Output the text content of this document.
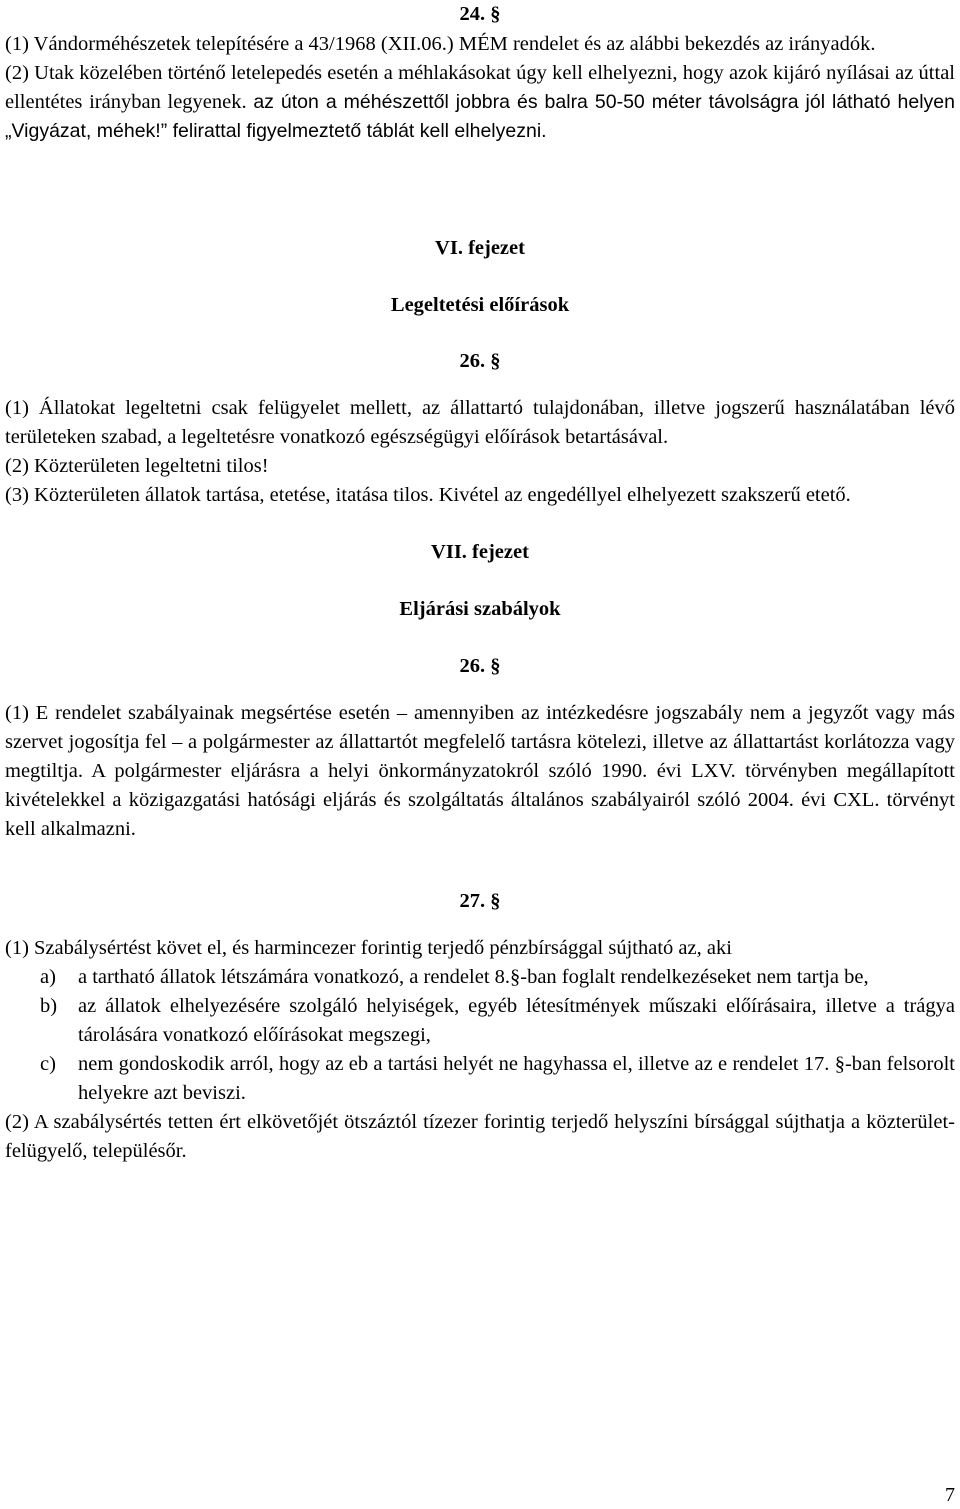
24. §

(1) Vándorméhészetek telepítésére a 43/1968 (XII.06.) MÉM rendelet és az alábbi bekezdés az irányadók.

(2) Utak közelében történő letelepedés esetén a méhlakásokat úgy kell elhelyezni, hogy azok kijáró nyílásai az úttal ellentétes irányban legyenek. az úton a méhészettől jobbra és balra 50-50 méter távolságra jól látható helyen „Vigyázat, méhek!” felirattal figyelmeztető táblát kell elhelyezni.

VI. fejezet

Legeltetési előírások

26. §

(1) Állatokat legeltetni csak felügyelet mellett, az állattartó tulajdonában, illetve jogszerű használatában lévő területeken szabad, a legeltetésre vonatkozó egészségügyi előírások betartásával.

(2) Közterületen legeltetni tilos!

(3) Közterületen állatok tartása, etetése, itatása tilos. Kivétel az engedéllyel elhelyezett szakszerű etető.

VII. fejezet

Eljárási szabályok

26. §

(1) E rendelet szabályainak megsértése esetén – amennyiben az intézkedésre jogszabály nem a jegyzőt vagy más szervet jogosítja fel – a polgármester az állattartót megfelelő tartásra kötelezi, illetve az állattartást korlátozza vagy megtiltja. A polgármester eljárásra a helyi önkormányzatokról szóló 1990. évi LXV. törvényben megállapított kivételekkel a közigazgatási hatósági eljárás és szolgáltatás általános szabályairól szóló 2004. évi CXL. törvényt kell alkalmazni.

27. §

(1) Szabálysértést követ el, és harmincezer forintig terjedő pénzbírsággal sújtható az, aki

a) a tartható állatok létszámára vonatkozó, a rendelet 8.§-ban foglalt rendelkezéseket nem tartja be,
b) az állatok elhelyezésére szolgáló helyiségek, egyéb létesítmények műszaki előírásaira, illetve a trágya tárolására vonatkozó előírásokat megszegi,
c) nem gondoskodik arról, hogy az eb a tartási helyét ne hagyhassa el, illetve az e rendelet 17. §-ban felsorolt helyekre azt beviszi.

(2) A szabálysértés tetten ért elkövetőjét ötszáztól tízezer forintig terjedő helyszíni bírsággal sújthatja a közterület-felügyelő, településőr.

7
